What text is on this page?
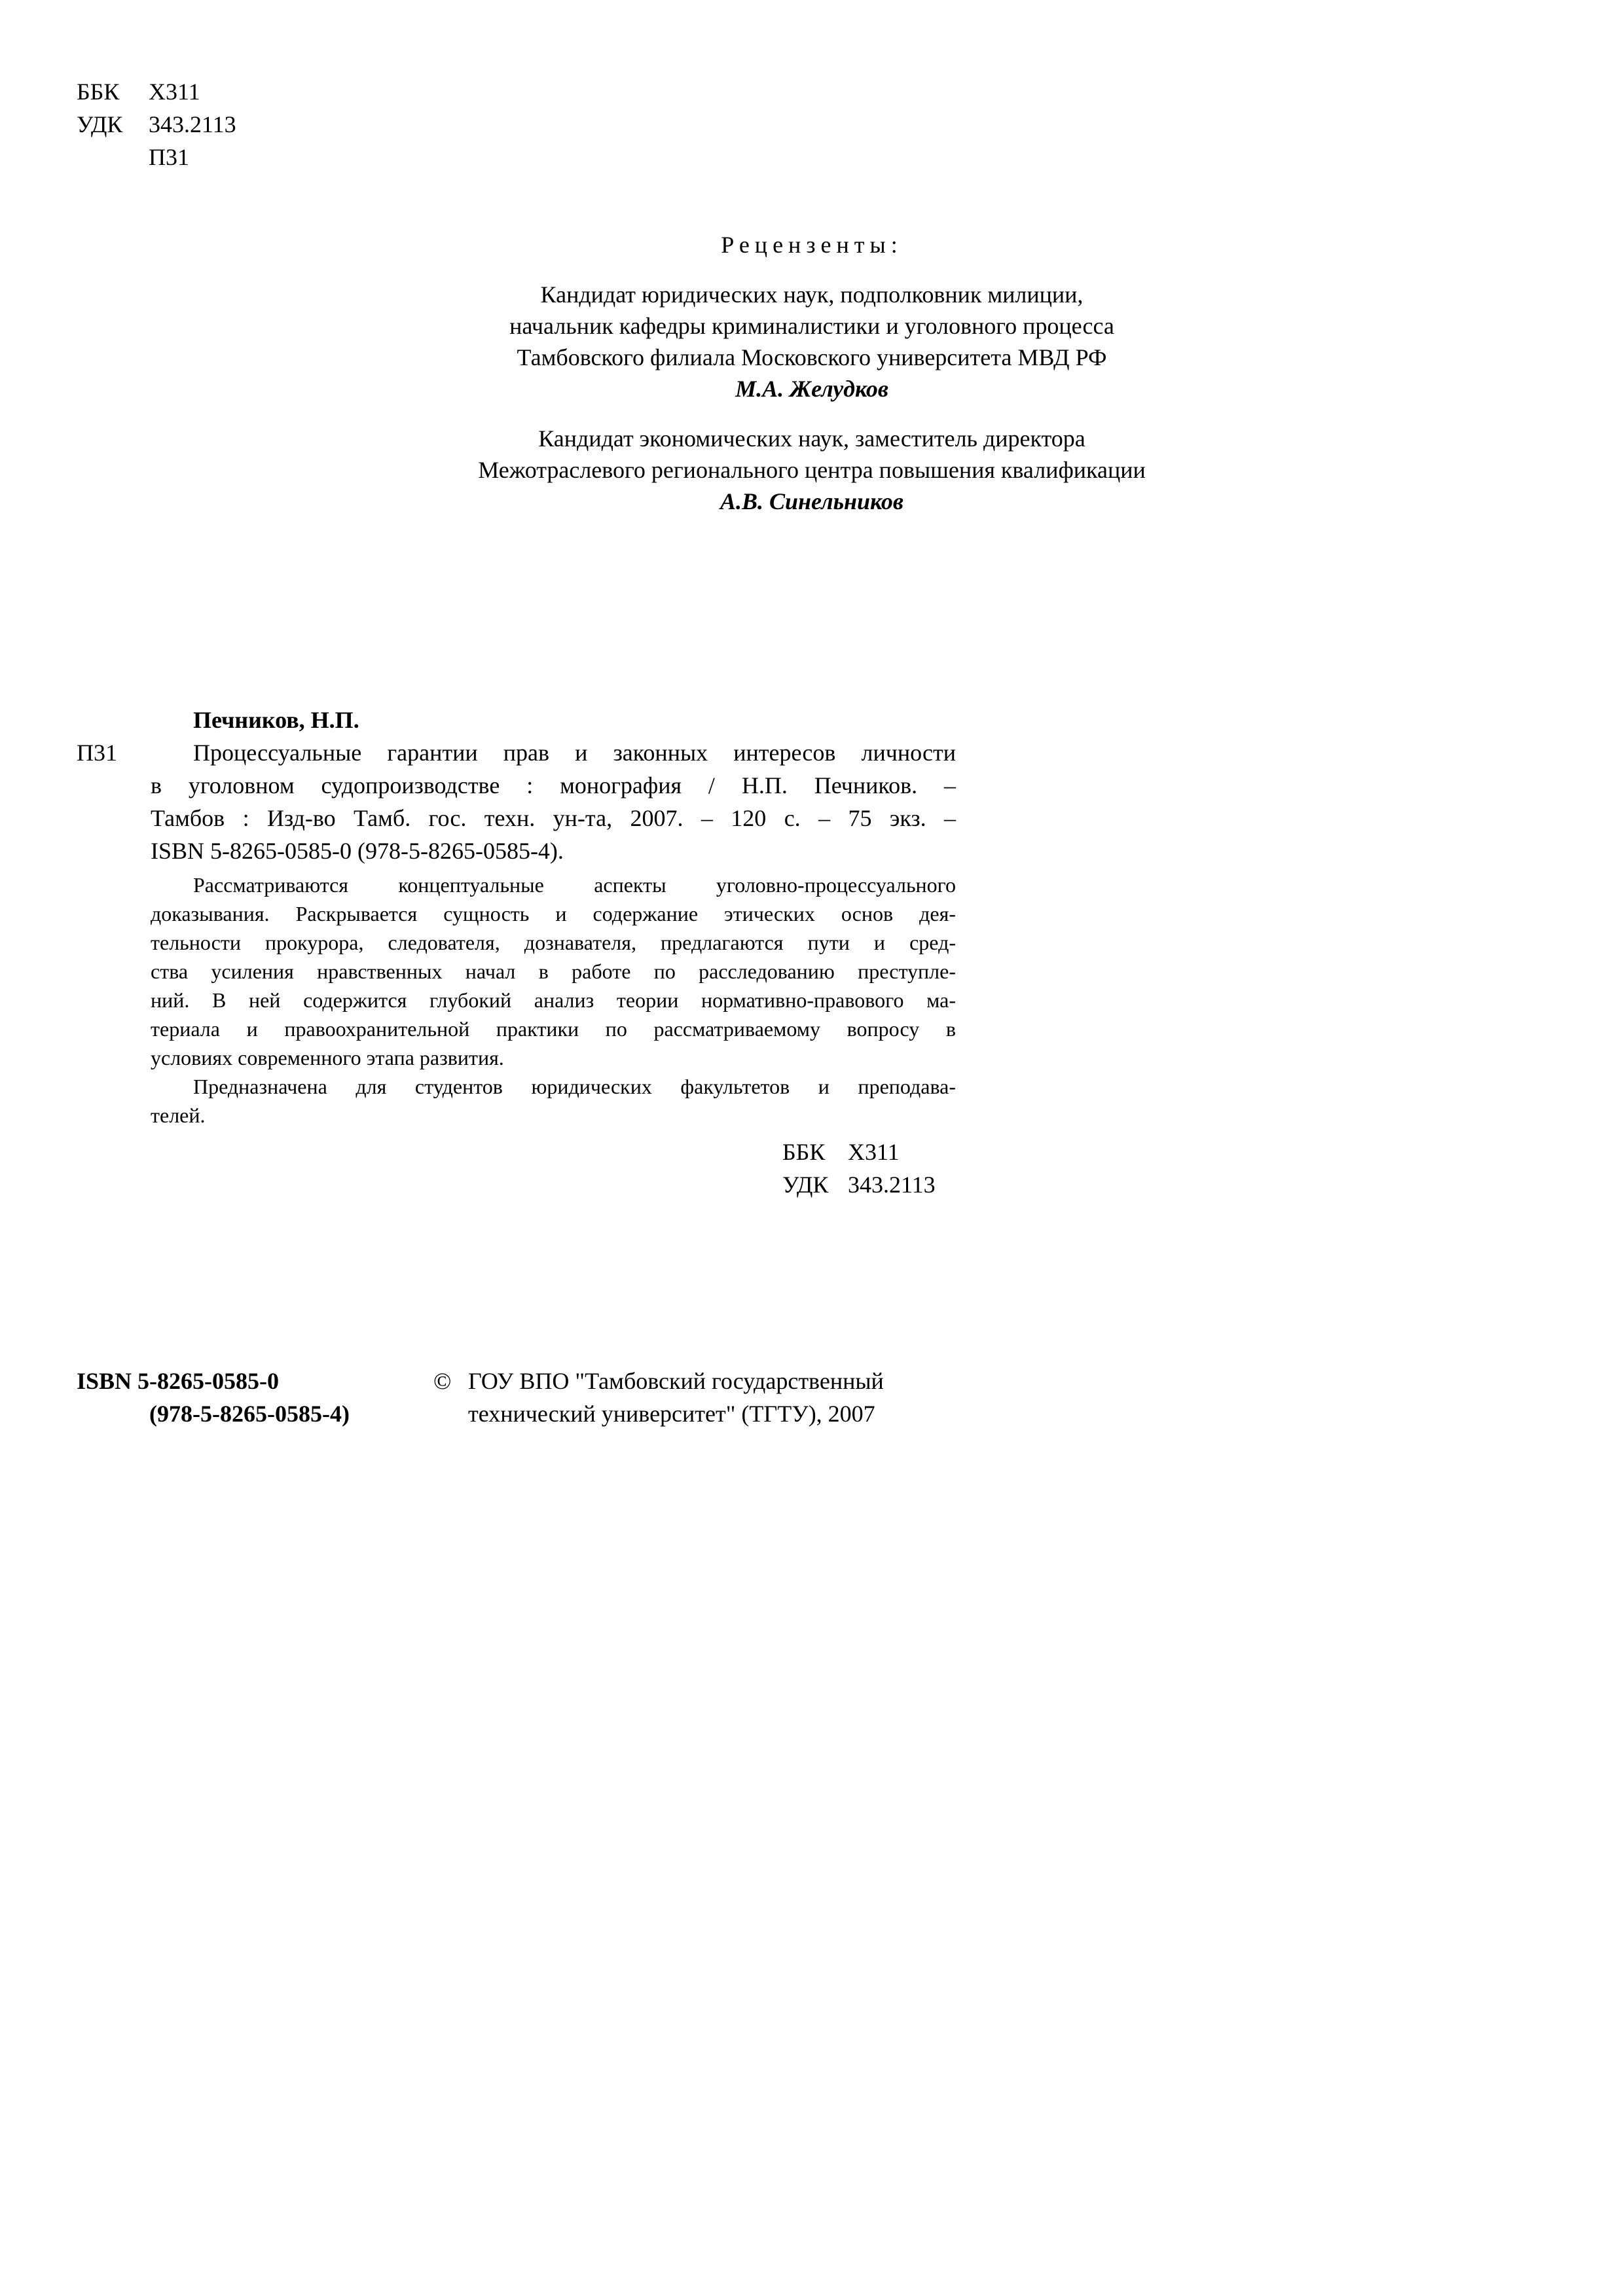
ББК Х311
УДК 343.2113
П31
Рецензенты:
Кандидат юридических наук, подполковник милиции,
начальник кафедры криминалистики и уголовного процесса
Тамбовского филиала Московского университета МВД РФ
М.А. Желудков
Кандидат экономических наук, заместитель директора
Межотраслевого регионального центра повышения квалификации
А.В. Синельников
Печников, Н.П.
П31	Процессуальные гарантии прав и законных интересов личности
в уголовном судопроизводстве : монография / Н.П. Печников. –
Тамбов : Изд-во Тамб. гос. техн. ун-та, 2007. – 120 с. – 75 экз. –
ISBN 5-8265-0585-0 (978-5-8265-0585-4).
Рассматриваются концептуальные аспекты уголовно-процессуального
доказывания. Раскрывается сущность и содержание этических основ дея-
тельности прокурора, следователя, дознавателя, предлагаются пути и сред-
ства усиления нравственных начал в работе по расследованию преступле-
ний. В ней содержится глубокий анализ теории нормативно-правового ма-
териала и правоохранительной практики по рассматриваемому вопросу в
условиях современного этапа развития.
Предназначена для студентов юридических факультетов и преподава-
телей.
ББК Х311
УДК 343.2113
ISBN 5-8265-0585-0
(978-5-8265-0585-4)
© ГОУ ВПО "Тамбовский государственный
технический университет" (ТГТУ), 2007
